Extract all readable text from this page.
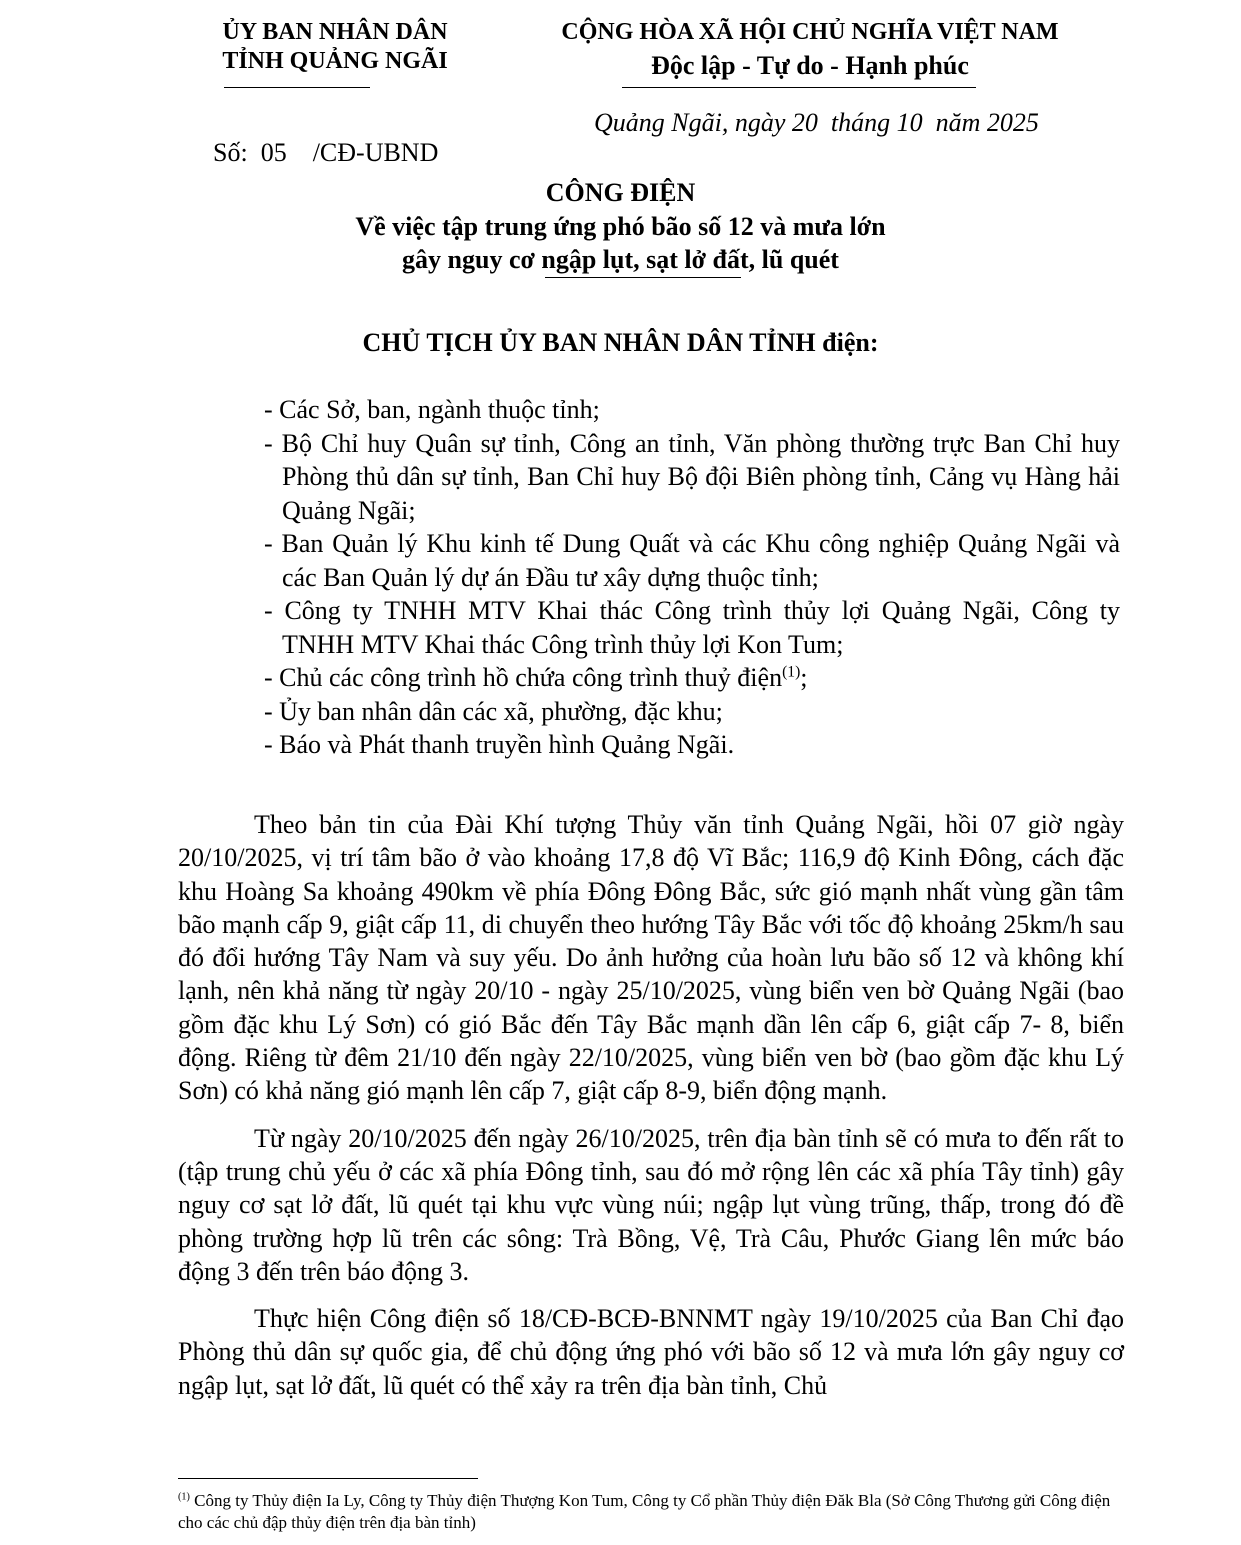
ỦY BAN NHÂN DÂN
TỈNH QUẢNG NGÃI
CỘNG HÒA XÃ HỘI CHỦ NGHĨA VIỆT NAM
Độc lập - Tự do - Hạnh phúc

Số: 05 /CĐ-UBND

Quảng Ngãi, ngày 20  tháng 10  năm 2025
CÔNG ĐIỆN
Về việc tập trung ứng phó bão số 12 và mưa lớn
gây nguy cơ ngập lụt, sạt lở đất, lũ quét
CHỦ TỊCH ỦY BAN NHÂN DÂN TỈNH điện:
- Các Sở, ban, ngành thuộc tỉnh;
- Bộ Chỉ huy Quân sự tỉnh, Công an tỉnh, Văn phòng thường trực Ban Chỉ huy Phòng thủ dân sự tỉnh, Ban Chỉ huy Bộ đội Biên phòng tỉnh, Cảng vụ Hàng hải Quảng Ngãi;
- Ban Quản lý Khu kinh tế Dung Quất và các Khu công nghiệp Quảng Ngãi và các Ban Quản lý dự án Đầu tư xây dựng thuộc tỉnh;
- Công ty TNHH MTV Khai thác Công trình thủy lợi Quảng Ngãi, Công ty TNHH MTV Khai thác Công trình thủy lợi Kon Tum;
- Chủ các công trình hồ chứa công trình thuỷ điện$^{(1)}$;
- Ủy ban nhân dân các xã, phường, đặc khu;
- Báo và Phát thanh truyền hình Quảng Ngãi.

Theo bản tin của Đài Khí tượng Thủy văn tỉnh Quảng Ngãi, hồi 07 giờ ngày 20/10/2025, vị trí tâm bão ở vào khoảng 17,8 độ Vĩ Bắc; 116,9 độ Kinh Đông, cách đặc khu Hoàng Sa khoảng 490km về phía Đông Đông Bắc, sức gió mạnh nhất vùng gần tâm bão mạnh cấp 9, giật cấp 11, di chuyển theo hướng Tây Bắc với tốc độ khoảng 25km/h sau đó đổi hướng Tây Nam và suy yếu. Do ảnh hưởng của hoàn lưu bão số 12 và không khí lạnh, nên khả năng từ ngày 20/10 - ngày 25/10/2025, vùng biển ven bờ Quảng Ngãi (bao gồm đặc khu Lý Sơn) có gió Bắc đến Tây Bắc mạnh dần lên cấp 6, giật cấp 7- 8, biển động. Riêng từ đêm 21/10 đến ngày 22/10/2025, vùng biển ven bờ (bao gồm đặc khu Lý Sơn) có khả năng gió mạnh lên cấp 7, giật cấp 8-9, biển động mạnh.

Từ ngày 20/10/2025 đến ngày 26/10/2025, trên địa bàn tỉnh sẽ có mưa to đến rất to (tập trung chủ yếu ở các xã phía Đông tỉnh, sau đó mở rộng lên các xã phía Tây tỉnh) gây nguy cơ sạt lở đất, lũ quét tại khu vực vùng núi; ngập lụt vùng trũng, thấp, trong đó đề phòng trường hợp lũ trên các sông: Trà Bồng, Vệ, Trà Câu, Phước Giang lên mức báo động 3 đến trên báo động 3.

Thực hiện Công điện số 18/CĐ-BCĐ-BNNMT ngày 19/10/2025 của Ban Chỉ đạo Phòng thủ dân sự quốc gia, để chủ động ứng phó với bão số 12 và mưa lớn gây nguy cơ ngập lụt, sạt lở đất, lũ quét có thể xảy ra trên địa bàn tỉnh, Chủ

$^{(1)}$ Công ty Thủy điện Ia Ly, Công ty Thủy điện Thượng Kon Tum, Công ty Cổ phần Thủy điện Đăk Bla (Sở Công Thương gửi Công điện cho các chủ đập thủy điện trên địa bàn tỉnh)
